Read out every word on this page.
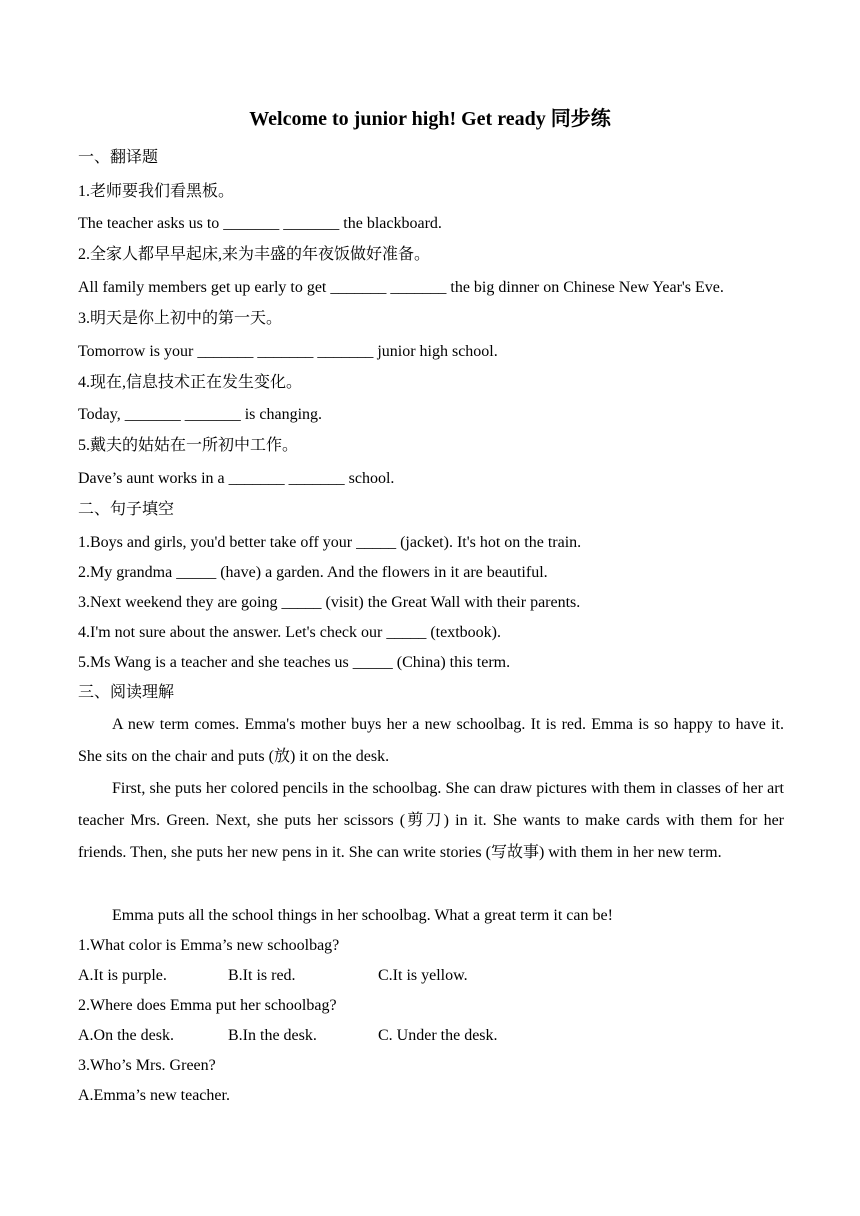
Welcome to junior high! Get ready 同步练
一、翻译题
1.老师要我们看黑板。
The teacher asks us to _______ _______ the blackboard.
2.全家人都早早起床,来为丰盛的年夜饭做好准备。
All family members get up early to get _______ _______ the big dinner on Chinese New Year's Eve.
3.明天是你上初中的第一天。
Tomorrow is your _______ _______ _______ junior high school.
4.现在,信息技术正在发生变化。
Today, _______ _______ is changing.
5.戴夫的姑姑在一所初中工作。
Dave’s aunt works in a _______ _______ school.
二、句子填空
1.Boys and girls, you'd better take off your _____ (jacket). It's hot on the train.
2.My grandma _____ (have) a garden. And the flowers in it are beautiful.
3.Next weekend they are going _____ (visit) the Great Wall with their parents.
4.I'm not sure about the answer. Let's check our _____ (textbook).
5.Ms Wang is a teacher and she teaches us _____ (China) this term.
三、阅读理解
A new term comes. Emma's mother buys her a new schoolbag. It is red. Emma is so happy to have it. She sits on the chair and puts (放) it on the desk.
First, she puts her colored pencils in the schoolbag. She can draw pictures with them in classes of her art teacher Mrs. Green. Next, she puts her scissors (剪刀) in it. She wants to make cards with them for her friends. Then, she puts her new pens in it. She can write stories (写故事) with them in her new term.
Emma puts all the school things in her schoolbag. What a great term it can be!
1.What color is Emma’s new schoolbag?
A.It is purple.	B.It is red.	C.It is yellow.
2.Where does Emma put her schoolbag?
A.On the desk.	B.In the desk.	C. Under the desk.
3.Who’s Mrs. Green?
A.Emma’s new teacher.
